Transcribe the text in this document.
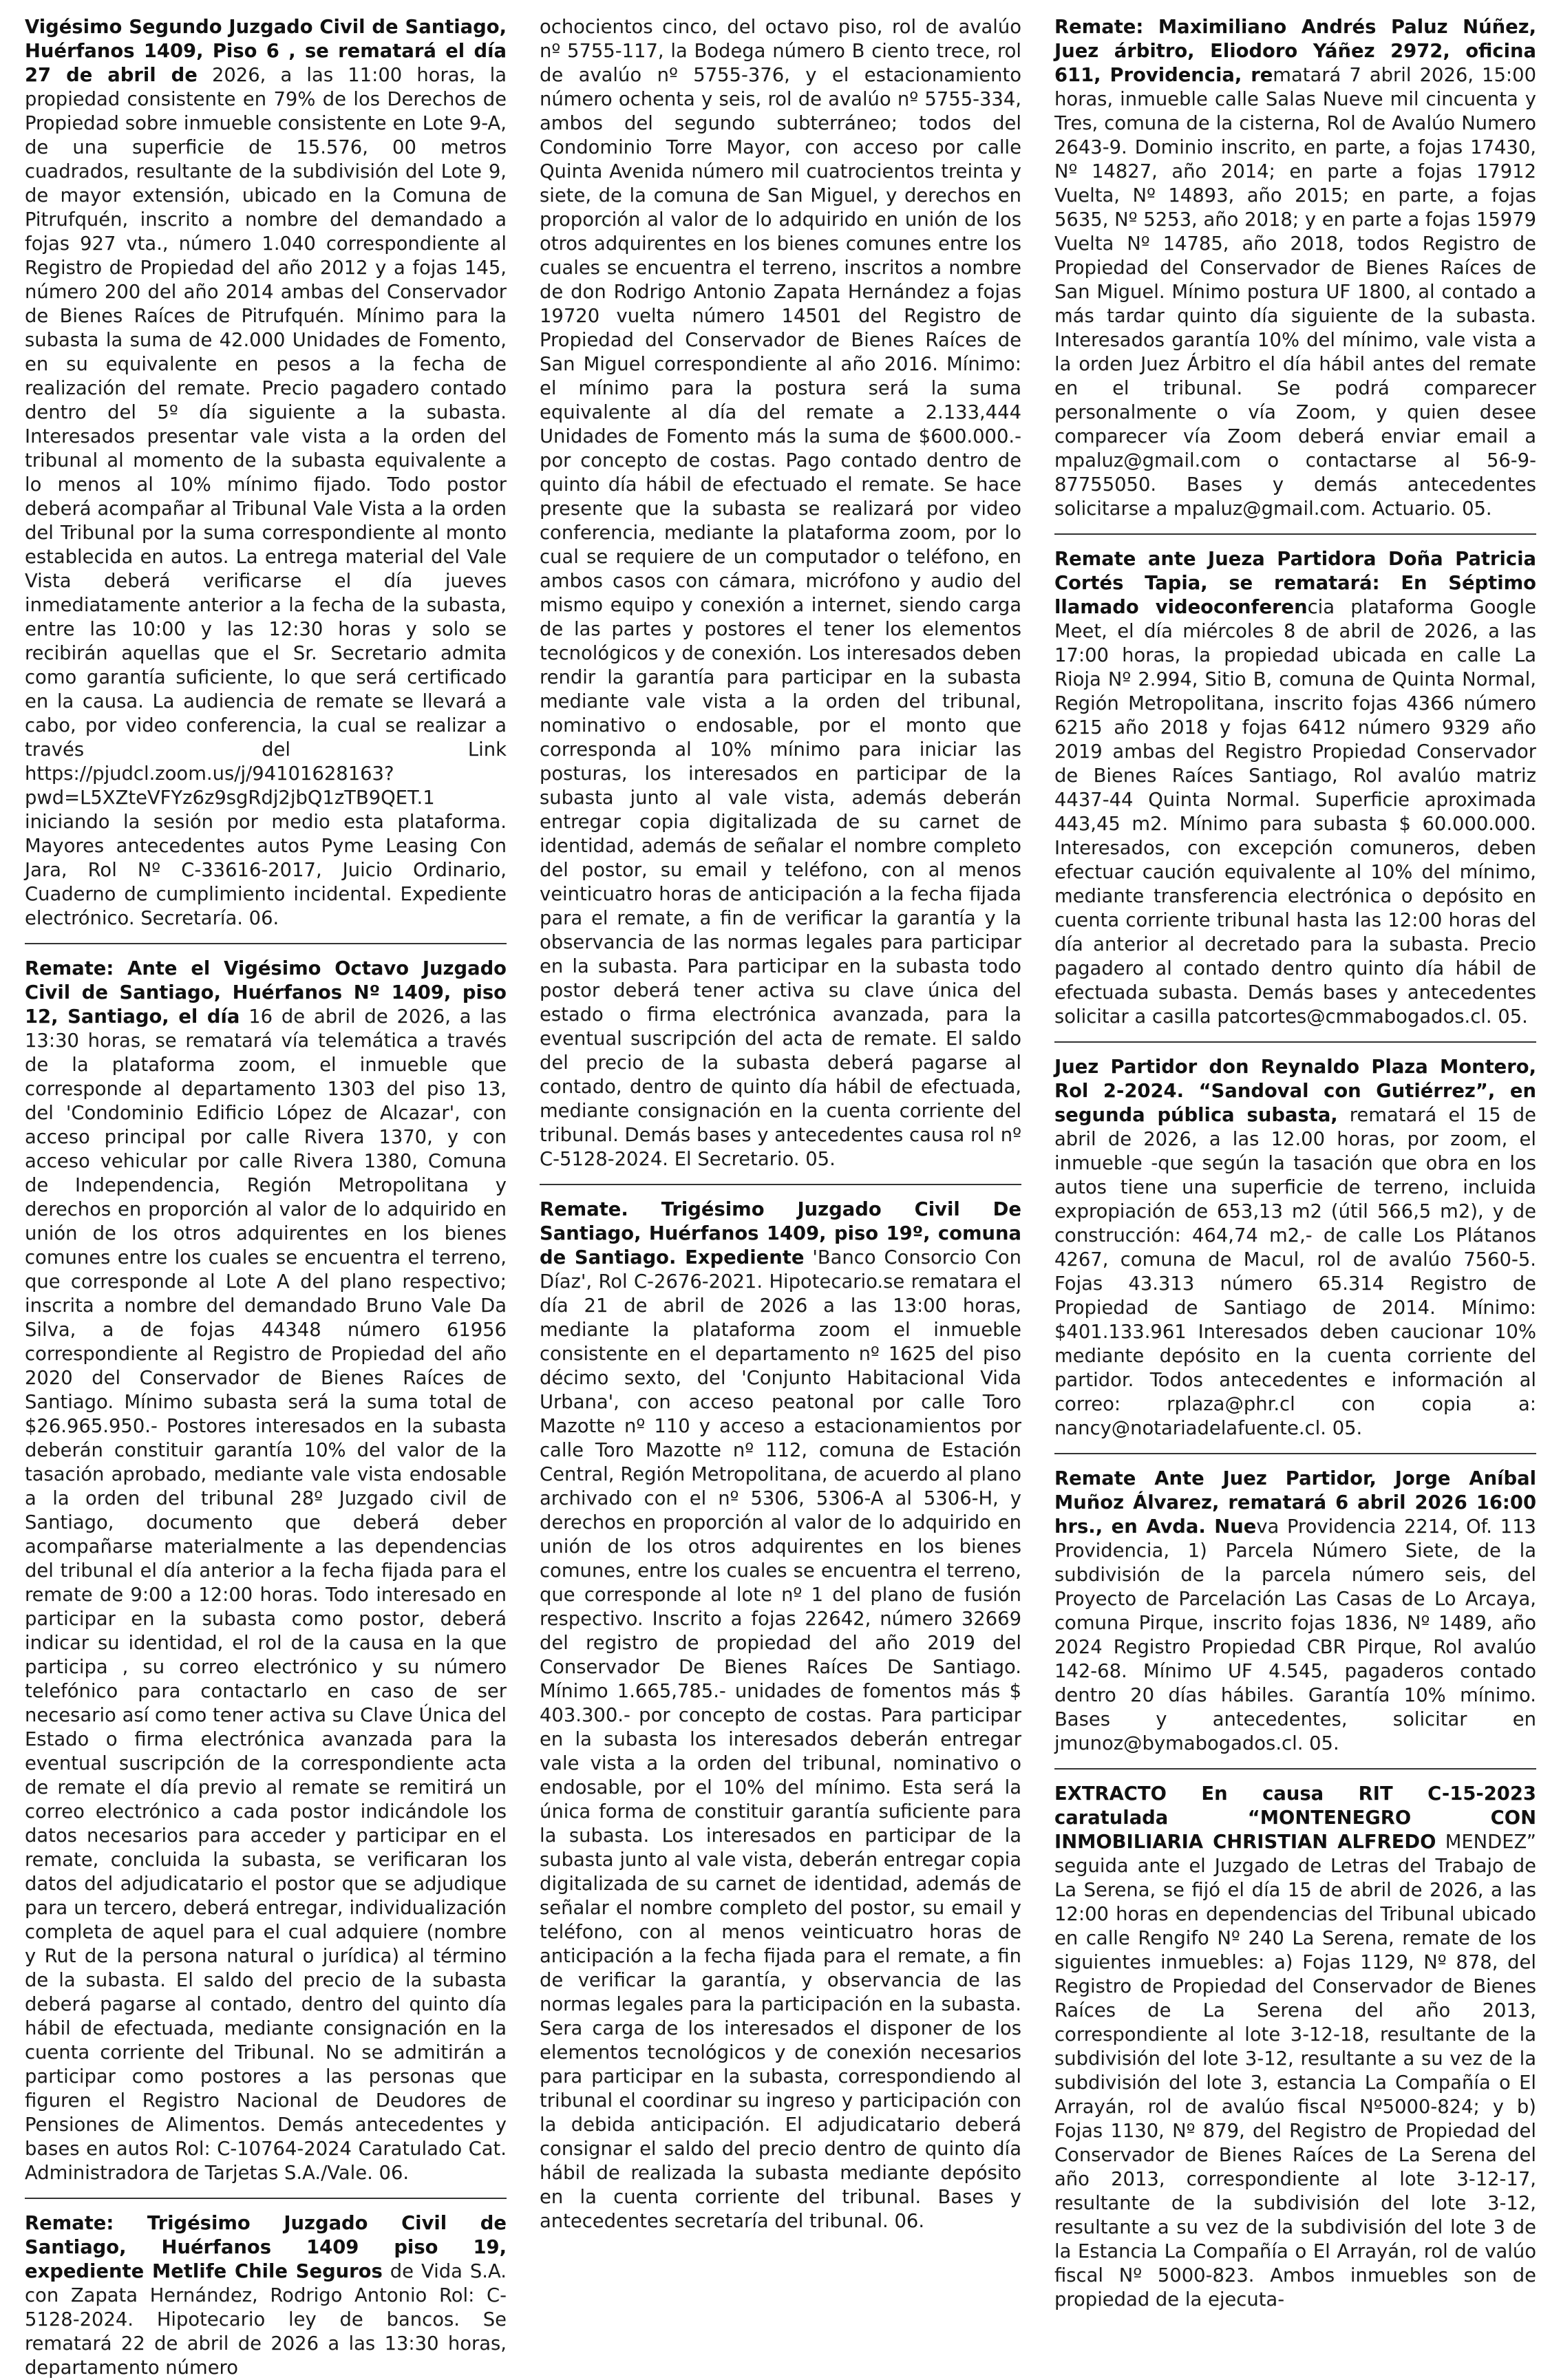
Vigésimo Segundo Juzgado Civil de Santiago, Huérfanos 1409, Piso 6 , se rematará el día 27 de abril de 2026, a las 11:00 horas, la propiedad consistente en 79% de los Derechos de Propiedad sobre inmueble consistente en Lote 9-A, de una superficie de 15.576, 00 metros cuadrados, resultante de la subdivisión del Lote 9, de mayor extensión, ubicado en la Comuna de Pitrufquén, inscrito a nombre del demandado a fojas 927 vta., número 1.040 correspondiente al Registro de Propiedad del año 2012 y a fojas 145, número 200 del año 2014 ambas del Conservador de Bienes Raíces de Pitrufquén. Mínimo para la subasta la suma de 42.000 Unidades de Fomento, en su equivalente en pesos a la fecha de realización del remate. Precio pagadero contado dentro del 5º día siguiente a la subasta. Interesados presentar vale vista a la orden del tribunal al momento de la subasta equivalente a lo menos al 10% mínimo fijado. Todo postor deberá acompañar al Tribunal Vale Vista a la orden del Tribunal por la suma correspondiente al monto establecida en autos. La entrega material del Vale Vista deberá verificarse el día jueves inmediatamente anterior a la fecha de la subasta, entre las 10:00 y las 12:30 horas y solo se recibirán aquellas que el Sr. Secretario admita como garantía suficiente, lo que será certificado en la causa. La audiencia de remate se llevará a cabo, por video conferencia, la cual se realizar a través del Link https://pjudcl.zoom.us/j/94101628163?pwd=L5XZteVFYz6z9sgRdj2jbQ1zTB9QET.1 iniciando la sesión por medio esta plataforma. Mayores antecedentes autos Pyme Leasing Con Jara, Rol Nº C-33616-2017, Juicio Ordinario, Cuaderno de cumplimiento incidental. Expediente electrónico. Secretaría. 06.

Remate: Ante el Vigésimo Octavo Juzgado Civil de Santiago, Huérfanos Nº 1409, piso 12, Santiago, el día 16 de abril de 2026, a las 13:30 horas, se rematará vía telemática a través de la plataforma zoom, el inmueble que corresponde al departamento 1303 del piso 13, del 'Condominio Edificio López de Alcazar', con acceso principal por calle Rivera 1370, y con acceso vehicular por calle Rivera 1380, Comuna de Independencia, Región Metropolitana y derechos en proporción al valor de lo adquirido en unión de los otros adquirentes en los bienes comunes entre los cuales se encuentra el terreno, que corresponde al Lote A del plano respectivo; inscrita a nombre del demandado Bruno Vale Da Silva, a de fojas 44348 número 61956 correspondiente al Registro de Propiedad del año 2020 del Conservador de Bienes Raíces de Santiago. Mínimo subasta será la suma total de $26.965.950.- Postores interesados en la subasta deberán constituir garantía 10% del valor de la tasación aprobado, mediante vale vista endosable a la orden del tribunal 28º Juzgado civil de Santiago, documento que deberá deber acompañarse materialmente a las dependencias del tribunal el día anterior a la fecha fijada para el remate de 9:00 a 12:00 horas. Todo interesado en participar en la subasta como postor, deberá indicar su identidad, el rol de la causa en la que participa , su correo electrónico y su número telefónico para contactarlo en caso de ser necesario así como tener activa su Clave Única del Estado o firma electrónica avanzada para la eventual suscripción de la correspondiente acta de remate el día previo al remate se remitirá un correo electrónico a cada postor indicándole los datos necesarios para acceder y participar en el remate, concluida la subasta, se verificaran los datos del adjudicatario el postor que se adjudique para un tercero, deberá entregar, individualización completa de aquel para el cual adquiere (nombre y Rut de la persona natural o jurídica) al término de la subasta. El saldo del precio de la subasta deberá pagarse al contado, dentro del quinto día hábil de efectuada, mediante consignación en la cuenta corriente del Tribunal. No se admitirán a participar como postores a las personas que figuren el Registro Nacional de Deudores de Pensiones de Alimentos. Demás antecedentes y bases en autos Rol: C-10764-2024 Caratulado Cat. Administradora de Tarjetas S.A./Vale. 06.

Remate: Trigésimo Juzgado Civil de Santiago, Huérfanos 1409 piso 19, expediente Metlife Chile Seguros de Vida S.A. con Zapata Hernández, Rodrigo Antonio Rol: C-5128-2024. Hipotecario ley de bancos. Se rematará 22 de abril de 2026 a las 13:30 horas, departamento número

ochocientos cinco, del octavo piso, rol de avalúo nº 5755-117, la Bodega número B ciento trece, rol de avalúo nº 5755-376, y el estacionamiento número ochenta y seis, rol de avalúo nº 5755-334, ambos del segundo subterráneo; todos del Condominio Torre Mayor, con acceso por calle Quinta Avenida número mil cuatrocientos treinta y siete, de la comuna de San Miguel, y derechos en proporción al valor de lo adquirido en unión de los otros adquirentes en los bienes comunes entre los cuales se encuentra el terreno, inscritos a nombre de don Rodrigo Antonio Zapata Hernández a fojas 19720 vuelta número 14501 del Registro de Propiedad del Conservador de Bienes Raíces de San Miguel correspondiente al año 2016. Mínimo: el mínimo para la postura será la suma equivalente al día del remate a 2.133,444 Unidades de Fomento más la suma de $600.000.- por concepto de costas. Pago contado dentro de quinto día hábil de efectuado el remate. Se hace presente que la subasta se realizará por video conferencia, mediante la plataforma zoom, por lo cual se requiere de un computador o teléfono, en ambos casos con cámara, micrófono y audio del mismo equipo y conexión a internet, siendo carga de las partes y postores el tener los elementos tecnológicos y de conexión. Los interesados deben rendir la garantía para participar en la subasta mediante vale vista a la orden del tribunal, nominativo o endosable, por el monto que corresponda al 10% mínimo para iniciar las posturas, los interesados en participar de la subasta junto al vale vista, además deberán entregar copia digitalizada de su carnet de identidad, además de señalar el nombre completo del postor, su email y teléfono, con al menos veinticuatro horas de anticipación a la fecha fijada para el remate, a fin de verificar la garantía y la observancia de las normas legales para participar en la subasta. Para participar en la subasta todo postor deberá tener activa su clave única del estado o firma electrónica avanzada, para la eventual suscripción del acta de remate. El saldo del precio de la subasta deberá pagarse al contado, dentro de quinto día hábil de efectuada, mediante consignación en la cuenta corriente del tribunal. Demás bases y antecedentes causa rol nº C-5128-2024. El Secretario. 05.

Remate. Trigésimo Juzgado Civil De Santiago, Huérfanos 1409, piso 19º, comuna de Santiago. Expediente 'Banco Consorcio Con Díaz', Rol C-2676-2021. Hipotecario.se rematara el día 21 de abril de 2026 a las 13:00 horas, mediante la plataforma zoom el inmueble consistente en el departamento nº 1625 del piso décimo sexto, del 'Conjunto Habitacional Vida Urbana', con acceso peatonal por calle Toro Mazotte nº 110 y acceso a estacionamientos por calle Toro Mazotte nº 112, comuna de Estación Central, Región Metropolitana, de acuerdo al plano archivado con el nº 5306, 5306-A al 5306-H, y derechos en proporción al valor de lo adquirido en unión de los otros adquirentes en los bienes comunes, entre los cuales se encuentra el terreno, que corresponde al lote nº 1 del plano de fusión respectivo. Inscrito a fojas 22642, número 32669 del registro de propiedad del año 2019 del Conservador De Bienes Raíces De Santiago. Mínimo 1.665,785.- unidades de fomentos más $ 403.300.- por concepto de costas. Para participar en la subasta los interesados deberán entregar vale vista a la orden del tribunal, nominativo o endosable, por el 10% del mínimo. Esta será la única forma de constituir garantía suficiente para la subasta. Los interesados en participar de la subasta junto al vale vista, deberán entregar copia digitalizada de su carnet de identidad, además de señalar el nombre completo del postor, su email y teléfono, con al menos veinticuatro horas de anticipación a la fecha fijada para el remate, a fin de verificar la garantía, y observancia de las normas legales para la participación en la subasta. Sera carga de los interesados el disponer de los elementos tecnológicos y de conexión necesarios para participar en la subasta, correspondiendo al tribunal el coordinar su ingreso y participación con la debida anticipación. El adjudicatario deberá consignar el saldo del precio dentro de quinto día hábil de realizada la subasta mediante depósito en la cuenta corriente del tribunal. Bases y antecedentes secretaría del tribunal. 06.

Remate: Maximiliano Andrés Paluz Núñez, Juez árbitro, Eliodoro Yáñez 2972, oficina 611, Providencia, rematará 7 abril 2026, 15:00 horas, inmueble calle Salas Nueve mil cincuenta y Tres, comuna de la cisterna, Rol de Avalúo Numero 2643-9. Dominio inscrito, en parte, a fojas 17430, Nº 14827, año 2014; en parte a fojas 17912 Vuelta, Nº 14893, año 2015; en parte, a fojas 5635, Nº 5253, año 2018; y en parte a fojas 15979 Vuelta Nº 14785, año 2018, todos Registro de Propiedad del Conservador de Bienes Raíces de San Miguel. Mínimo postura UF 1800, al contado a más tardar quinto día siguiente de la subasta. Interesados garantía 10% del mínimo, vale vista a la orden Juez Árbitro el día hábil antes del remate en el tribunal. Se podrá comparecer personalmente o vía Zoom, y quien desee comparecer vía Zoom deberá enviar email a mpaluz@gmail.com o contactarse al 56-9-87755050. Bases y demás antecedentes solicitarse a mpaluz@gmail.com. Actuario. 05.

Remate ante Jueza Partidora Doña Patricia Cortés Tapia, se rematará: En Séptimo llamado videoconferencia plataforma Google Meet, el día miércoles 8 de abril de 2026, a las 17:00 horas, la propiedad ubicada en calle La Rioja Nº 2.994, Sitio B, comuna de Quinta Normal, Región Metropolitana, inscrito fojas 4366 número 6215 año 2018 y fojas 6412 número 9329 año 2019 ambas del Registro Propiedad Conservador de Bienes Raíces Santiago, Rol avalúo matriz 4437-44 Quinta Normal. Superficie aproximada 443,45 m2. Mínimo para subasta $ 60.000.000. Interesados, con excepción comuneros, deben efectuar caución equivalente al 10% del mínimo, mediante transferencia electrónica o depósito en cuenta corriente tribunal hasta las 12:00 horas del día anterior al decretado para la subasta. Precio pagadero al contado dentro quinto día hábil de efectuada subasta. Demás bases y antecedentes solicitar a casilla patcortes@cmmabogados.cl. 05.

Juez Partidor don Reynaldo Plaza Montero, Rol 2-2024. “Sandoval con Gutiérrez”, en segunda pública subasta, rematará el 15 de abril de 2026, a las 12.00 horas, por zoom, el inmueble -que según la tasación que obra en los autos tiene una superficie de terreno, incluida expropiación de 653,13 m2 (útil 566,5 m2), y de construcción: 464,74 m2,- de calle Los Plátanos 4267, comuna de Macul, rol de avalúo 7560-5. Fojas 43.313 número 65.314 Registro de Propiedad de Santiago de 2014. Mínimo: $401.133.961 Interesados deben caucionar 10% mediante depósito en la cuenta corriente del partidor. Todos antecedentes e información al correo: rplaza@phr.cl con copia a: nancy@notariadelafuente.cl. 05.

Remate Ante Juez Partidor, Jorge Aníbal Muñoz Álvarez, rematará 6 abril 2026 16:00 hrs., en Avda. Nueva Providencia 2214, Of. 113 Providencia, 1) Parcela Número Siete, de la subdivisión de la parcela número seis, del Proyecto de Parcelación Las Casas de Lo Arcaya, comuna Pirque, inscrito fojas 1836, Nº 1489, año 2024 Registro Propiedad CBR Pirque, Rol avalúo 142-68. Mínimo UF 4.545, pagaderos contado dentro 20 días hábiles. Garantía 10% mínimo. Bases y antecedentes, solicitar en jmunoz@bymabogados.cl. 05.

EXTRACTO En causa RIT C-15-2023 caratulada “MONTENEGRO CON INMOBILIARIA CHRISTIAN ALFREDO MENDEZ” seguida ante el Juzgado de Letras del Trabajo de La Serena, se fijó el día 15 de abril de 2026, a las 12:00 horas en dependencias del Tribunal ubicado en calle Rengifo Nº 240 La Serena, remate de los siguientes inmuebles: a) Fojas 1129, Nº 878, del Registro de Propiedad del Conservador de Bienes Raíces de La Serena del año 2013, correspondiente al lote 3-12-18, resultante de la subdivisión del lote 3-12, resultante a su vez de la subdivisión del lote 3, estancia La Compañía o El Arrayán, rol de avalúo fiscal Nº5000-824; y b) Fojas 1130, Nº 879, del Registro de Propiedad del Conservador de Bienes Raíces de La Serena del año 2013, correspondiente al lote 3-12-17, resultante de la subdivisión del lote 3-12, resultante a su vez de la subdivisión del lote 3 de la Estancia La Compañía o El Arrayán, rol de valúo fiscal Nº 5000-823. Ambos inmuebles son de propiedad de la ejecuta-
